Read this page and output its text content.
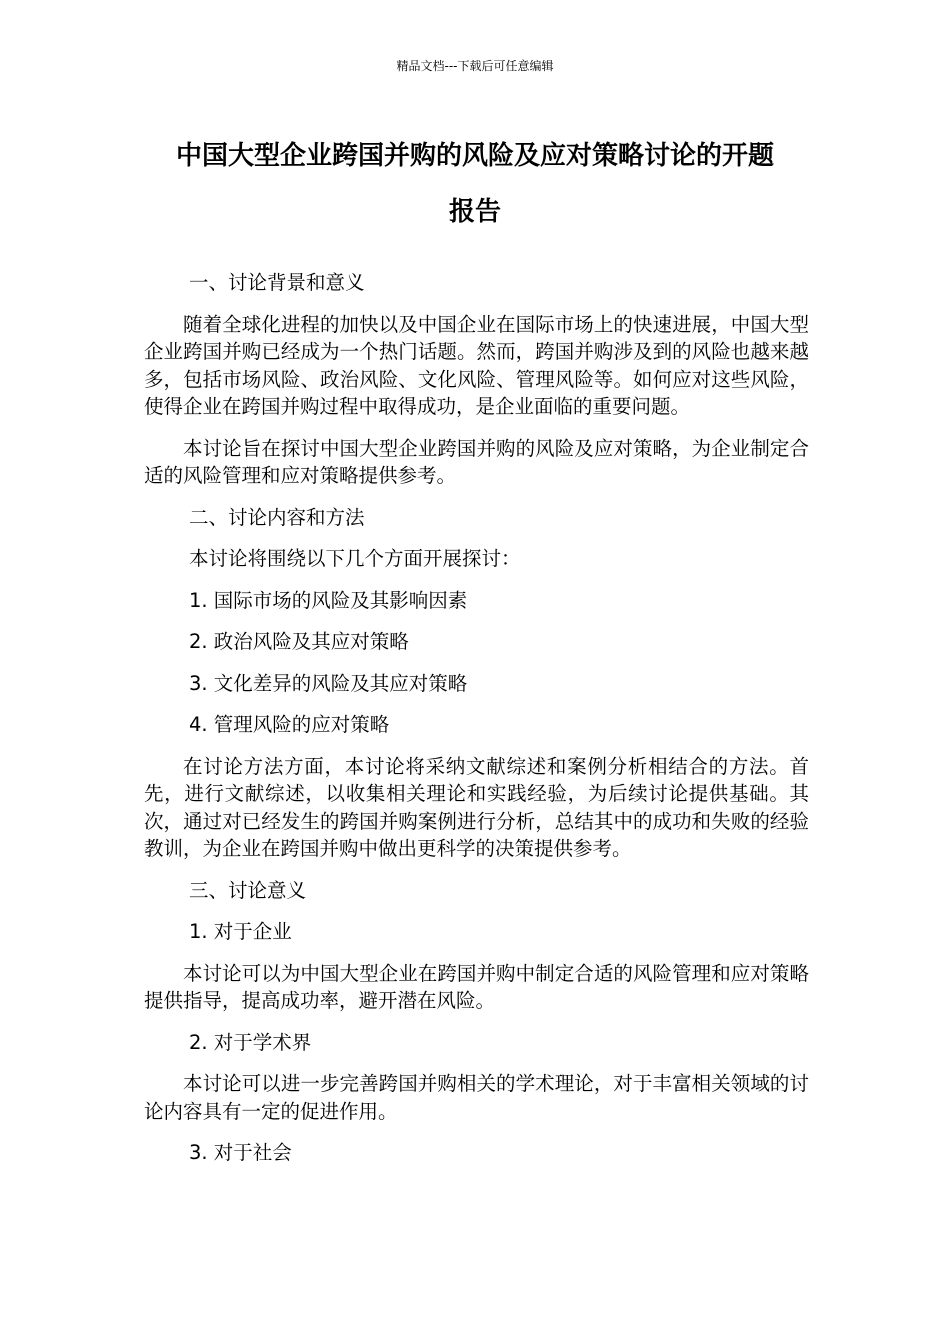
精品文档---下载后可任意编辑
中国大型企业跨国并购的风险及应对策略讨论的开题
报告

一、讨论背景和意义

随着全球化进程的加快以及中国企业在国际市场上的快速进展，中国大型企业跨国并购已经成为一个热门话题。然而，跨国并购涉及到的风险也越来越多，包括市场风险、政治风险、文化风险、管理风险等。如何应对这些风险，使得企业在跨国并购过程中取得成功，是企业面临的重要问题。

本讨论旨在探讨中国大型企业跨国并购的风险及应对策略，为企业制定合适的风险管理和应对策略提供参考。

二、讨论内容和方法

本讨论将围绕以下几个方面开展探讨：

1. 国际市场的风险及其影响因素

2. 政治风险及其应对策略

3. 文化差异的风险及其应对策略

4. 管理风险的应对策略

在讨论方法方面，本讨论将采纳文献综述和案例分析相结合的方法。首先，进行文献综述，以收集相关理论和实践经验，为后续讨论提供基础。其次，通过对已经发生的跨国并购案例进行分析，总结其中的成功和失败的经验教训，为企业在跨国并购中做出更科学的决策提供参考。

三、讨论意义

1. 对于企业

本讨论可以为中国大型企业在跨国并购中制定合适的风险管理和应对策略提供指导，提高成功率，避开潜在风险。

2. 对于学术界

本讨论可以进一步完善跨国并购相关的学术理论，对于丰富相关领域的讨论内容具有一定的促进作用。

3. 对于社会
